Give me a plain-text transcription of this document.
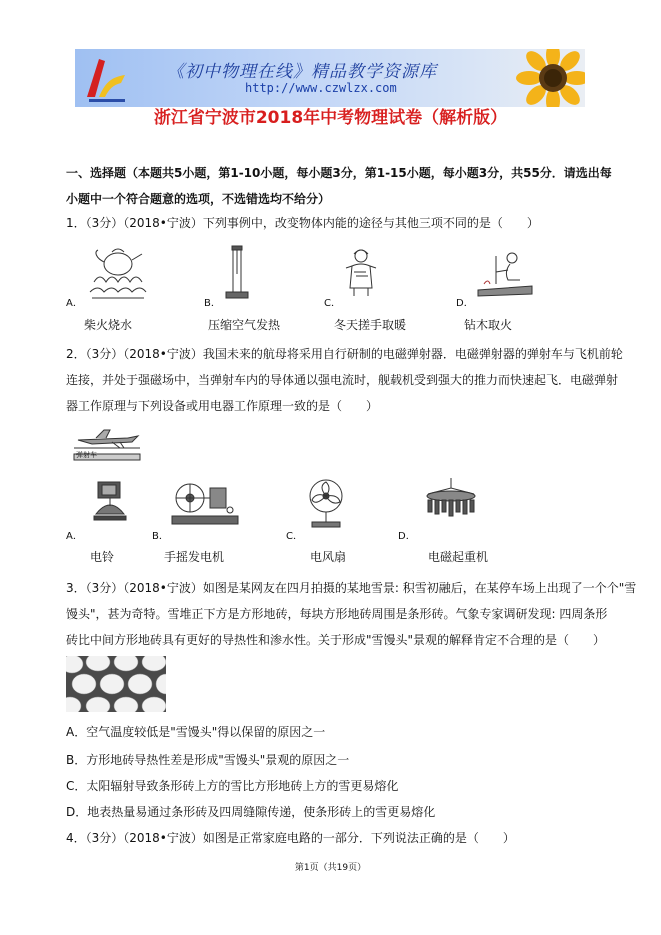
《初中物理在线》精品教学资源库
http://www.czwlzx.com
浙江省宁波市2018年中考物理试卷（解析版）
一、选择题（本题共5小题，第1-10小题，每小题3分，第1-15小题，每小题3分，共55分．请选出每
小题中一个符合题意的选项，不选错选均不给分）
1．（3分）（2018•宁波）下列事例中，改变物体内能的途径与其他三项不同的是（　　）
A．	B．	C．	D．
柴火烧水	压缩空气发热	冬天搓手取暖	钻木取火
2．（3分）（2018•宁波）我国未来的航母将采用自行研制的电磁弹射器．电磁弹射器的弹射车与飞机前轮
连接，并处于强磁场中，当弹射车内的导体通以强电流时，舰载机受到强大的推力而快速起飞．电磁弹射
器工作原理与下列设备或用电器工作原理一致的是（　　）
弹射车
A．	B．	C．	D．
电铃	手摇发电机	电风扇	电磁起重机
3．（3分）（2018•宁波）如图是某网友在四月拍摄的某地雪景: 积雪初融后，在某停车场上出现了一个个"雪
馒头"，甚为奇特。雪堆正下方是方形地砖，每块方形地砖周围是条形砖。气象专家调研发现: 四周条形
砖比中间方形地砖具有更好的导热性和渗水性。关于形成"雪馒头"景观的解释肯定不合理的是（　　）
A．空气温度较低是"雪馒头"得以保留的原因之一
B．方形地砖导热性差是形成"雪馒头"景观的原因之一
C．太阳辐射导致条形砖上方的雪比方形地砖上方的雪更易熔化
D．地表热量易通过条形砖及四周缝隙传递，使条形砖上的雪更易熔化
4．（3分）（2018•宁波）如图是正常家庭电路的一部分．下列说法正确的是（　　）
第1页（共19页）
